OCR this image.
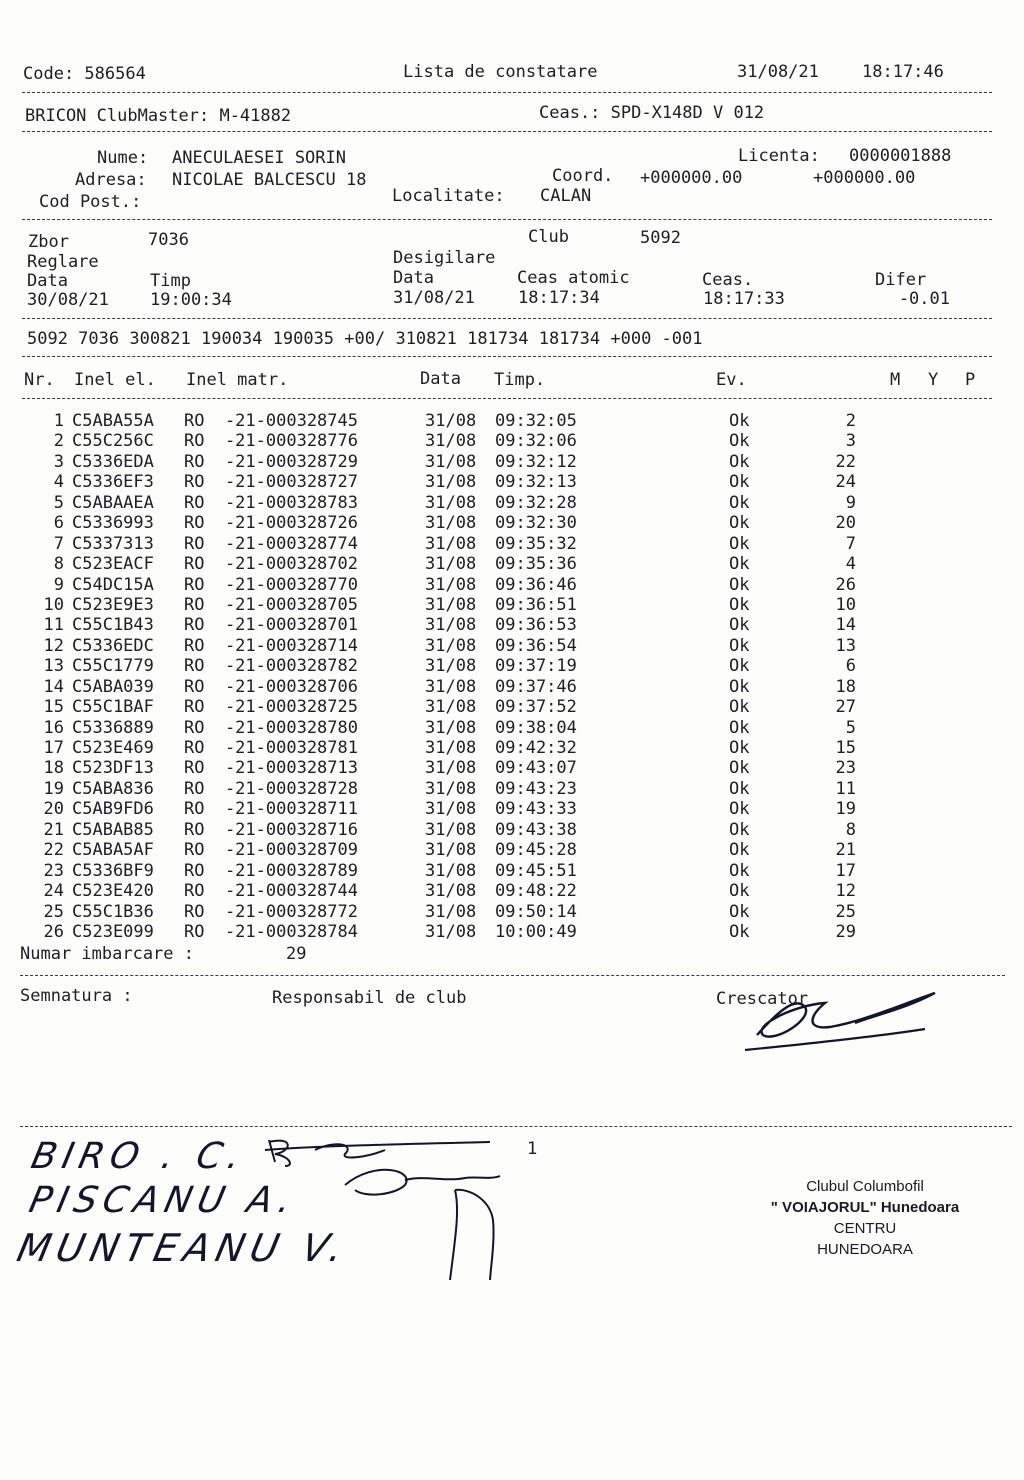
Code: 586564	Lista de constatare	31/08/21	18:17:46
BRICON ClubMaster: M-41882	Ceas.: SPD-X148D V 012
Nume: ANECULAESEI SORIN	Licenta: 0000001888
Adresa: NICOLAE BALCESCU 18	Coord. +000000.00	+000000.00
Cod Post.:	Localitate: CALAN
Zbor	7036	Club	5092
Reglare	Desigilare
Data	Timp	Data	Ceas atomic	Ceas.	Difer
30/08/21 19:00:34	31/08/21	18:17:34	18:17:33	-0.01
5092 7036 300821 190034 190035 +00/ 310821 181734 181734 +000 -001
Nr. Inel el. Inel matr.	Data Timp.	Ev.	M Y P
1 C5ABA55A RO  -21-000328745	31/08 09:32:05	Ok	2
2 C55C256C RO  -21-000328776	31/08 09:32:06	Ok	3
3 C5336EDA RO  -21-000328729	31/08 09:32:12	Ok	22
4 C5336EF3 RO  -21-000328727	31/08 09:32:13	Ok	24
5 C5ABAAEA RO  -21-000328783	31/08 09:32:28	Ok	9
6 C5336993 RO  -21-000328726	31/08 09:32:30	Ok	20
7 C5337313 RO  -21-000328774	31/08 09:35:32	Ok	7
8 C523EACF RO  -21-000328702	31/08 09:35:36	Ok	4
9 C54DC15A RO  -21-000328770	31/08 09:36:46	Ok	26
10 C523E9E3 RO  -21-000328705	31/08 09:36:51	Ok	10
11 C55C1B43 RO  -21-000328701	31/08 09:36:53	Ok	14
12 C5336EDC RO  -21-000328714	31/08 09:36:54	Ok	13
13 C55C1779 RO  -21-000328782	31/08 09:37:19	Ok	6
14 C5ABA039 RO  -21-000328706	31/08 09:37:46	Ok	18
15 C55C1BAF RO  -21-000328725	31/08 09:37:52	Ok	27
16 C5336889 RO  -21-000328780	31/08 09:38:04	Ok	5
17 C523E469 RO  -21-000328781	31/08 09:42:32	Ok	15
18 C523DF13 RO  -21-000328713	31/08 09:43:07	Ok	23
19 C5ABA836 RO  -21-000328728	31/08 09:43:23	Ok	11
20 C5AB9FD6 RO  -21-000328711	31/08 09:43:33	Ok	19
21 C5ABAB85 RO  -21-000328716	31/08 09:43:38	Ok	8
22 C5ABA5AF RO  -21-000328709	31/08 09:45:28	Ok	21
23 C5336BF9 RO  -21-000328789	31/08 09:45:51	Ok	17
24 C523E420 RO  -21-000328744	31/08 09:48:22	Ok	12
25 C55C1B36 RO  -21-000328772	31/08 09:50:14	Ok	25
26 C523E099 RO  -21-000328784	31/08 10:00:49	Ok	29
Numar imbarcare :	29
Semnatura :	Responsabil de club	Crescator
1
BIRO . C.
PISCANU A.
MUNTEANU V.
Clubul Columbofil
" VOIAJORUL" Hunedoara
CENTRU
HUNEDOARA
